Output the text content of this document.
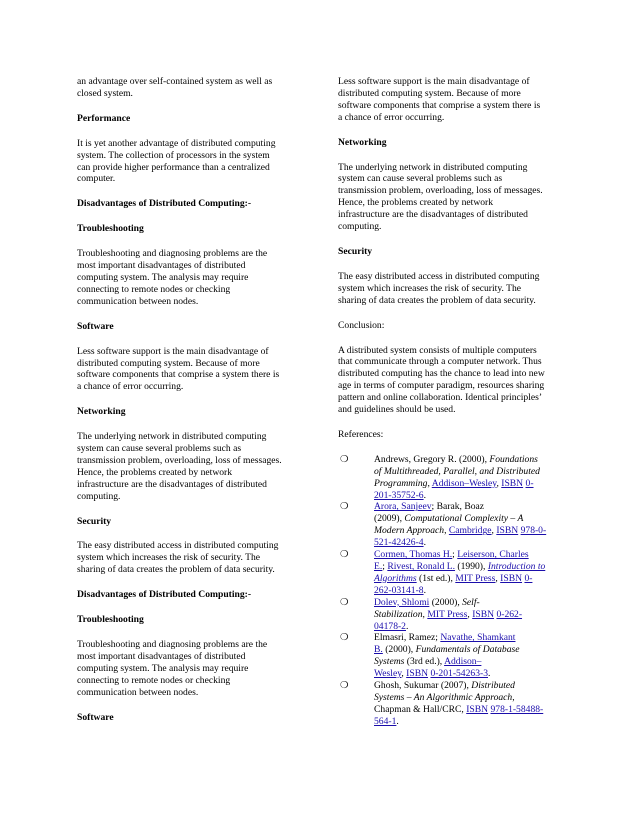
an advantage over self-contained system as well as

closed system.

Performance

It is yet another advantage of distributed computing

system. The collection of processors in the system

can provide higher performance than a centralized

computer.

Disadvantages of Distributed Computing:-
Troubleshooting

Troubleshooting and diagnosing problems are the

most important disadvantages of distributed

computing system. The analysis may require

connecting to remote nodes or checking

communication between nodes.

Software

Less software support is the main disadvantage of

distributed computing system. Because of more

software components that comprise a system there is

a chance of error occurring.

Networking

The underlying network in distributed computing

system can cause several problems such as

transmission problem, overloading, loss of messages.

Hence, the problems created by network

infrastructure are the disadvantages of distributed

computing.

Security

The easy distributed access in distributed computing

system which increases the risk of security. The

sharing of data creates the problem of data security.

Disadvantages of Distributed Computing:-
Troubleshooting

Troubleshooting and diagnosing problems are the

most important disadvantages of distributed

computing system. The analysis may require

connecting to remote nodes or checking

communication between nodes.

Software

Less software support is the main disadvantage of

distributed computing system. Because of more

software components that comprise a system there is

a chance of error occurring.

Networking

The underlying network in distributed computing

system can cause several problems such as

transmission problem, overloading, loss of messages.

Hence, the problems created by network

infrastructure are the disadvantages of distributed

computing.

Security

The easy distributed access in distributed computing

system which increases the risk of security. The

sharing of data creates the problem of data security.

Conclusion:

A distributed system consists of multiple computers

that communicate through a computer network. Thus

distributed computing has the chance to lead into new

age in terms of computer paradigm, resources sharing

pattern and online collaboration. Identical principles’

and guidelines should be used.

References:
❍	Andrews, Gregory R. (2000), Foundations

of Multithreaded, Parallel, and Distributed

Programming, Addison–Wesley, ISBN 0-

201-35752-6.

❍	Arora, Sanjeev; Barak, Boaz

(2009), Computational Complexity – A

Modern Approach, Cambridge, ISBN 978-0-

521-42426-4.

❍	Cormen, Thomas H.; Leiserson, Charles

E.; Rivest, Ronald L. (1990), Introduction to

Algorithms (1st ed.), MIT Press, ISBN 0-

262-03141-8.

❍	Dolev, Shlomi (2000), Self-

Stabilization, MIT Press, ISBN 0-262-

04178-2.

❍	Elmasri, Ramez; Navathe, Shamkant

B. (2000), Fundamentals of Database

Systems (3rd ed.), Addison–

Wesley, ISBN 0-201-54263-3.

❍	Ghosh, Sukumar (2007), Distributed

Systems – An Algorithmic Approach,

Chapman & Hall/CRC, ISBN 978-1-58488-

564-1.
